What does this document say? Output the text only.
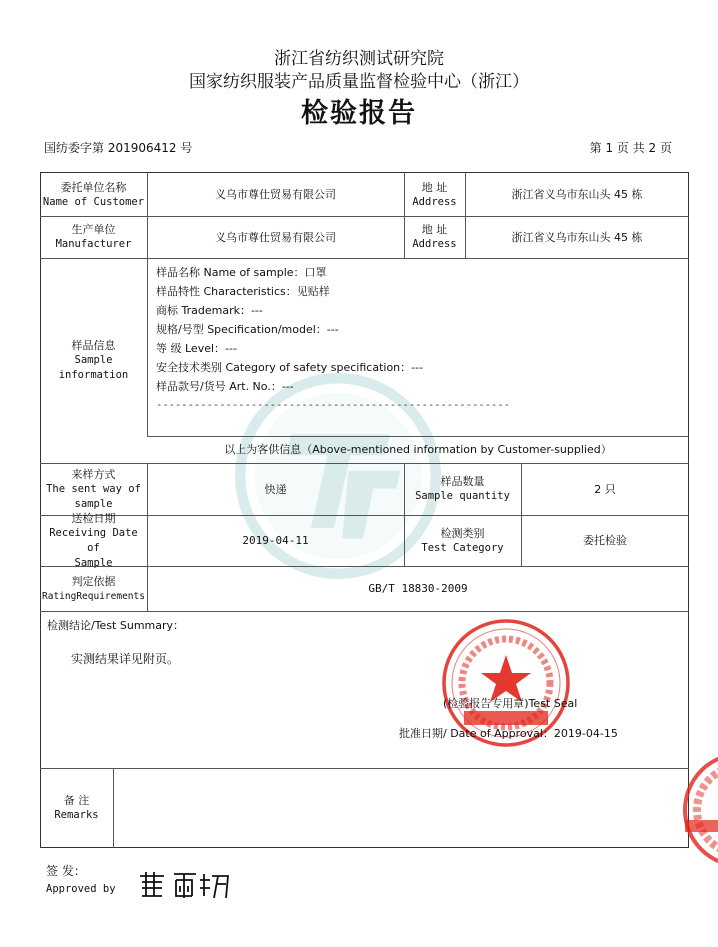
浙江省纺织测试研究院
国家纺织服装产品质量监督检验中心（浙江）
检验报告
国纺委字第 201906412 号	第 1 页 共 2 页
委托单位名称
Name of Customer
义乌市尊仕贸易有限公司
地 址
Address
浙江省义乌市东山头 45 栋
生产单位
Manufacturer
义乌市尊仕贸易有限公司
地 址
Address
浙江省义乌市东山头 45 栋
样品信息
Sample
information
样品名称 Name of sample：口罩
样品特性 Characteristics：见贴样
商标 Trademark：---
规格/号型 Specification/model：---
等 级 Level：---
安全技术类别 Category of safety specification：---
样品款号/货号 Art. No.：---
--------------------------------------------------------
以上为客供信息（Above-mentioned information by Customer-supplied）
来样方式
The sent way of
sample
快递
样品数量
Sample quantity
2 只
送检日期
Receiving Date of
Sample
2019-04-11
检测类别
Test Category
委托检验
判定依据
RatingRequirements
GB/T 18830-2009
检测结论/Test Summary：
实测结果详见附页。
(检验报告专用章)Test Seal
批准日期/ Date of Approval：2019-04-15
备 注
Remarks
签 发：
Approved by
